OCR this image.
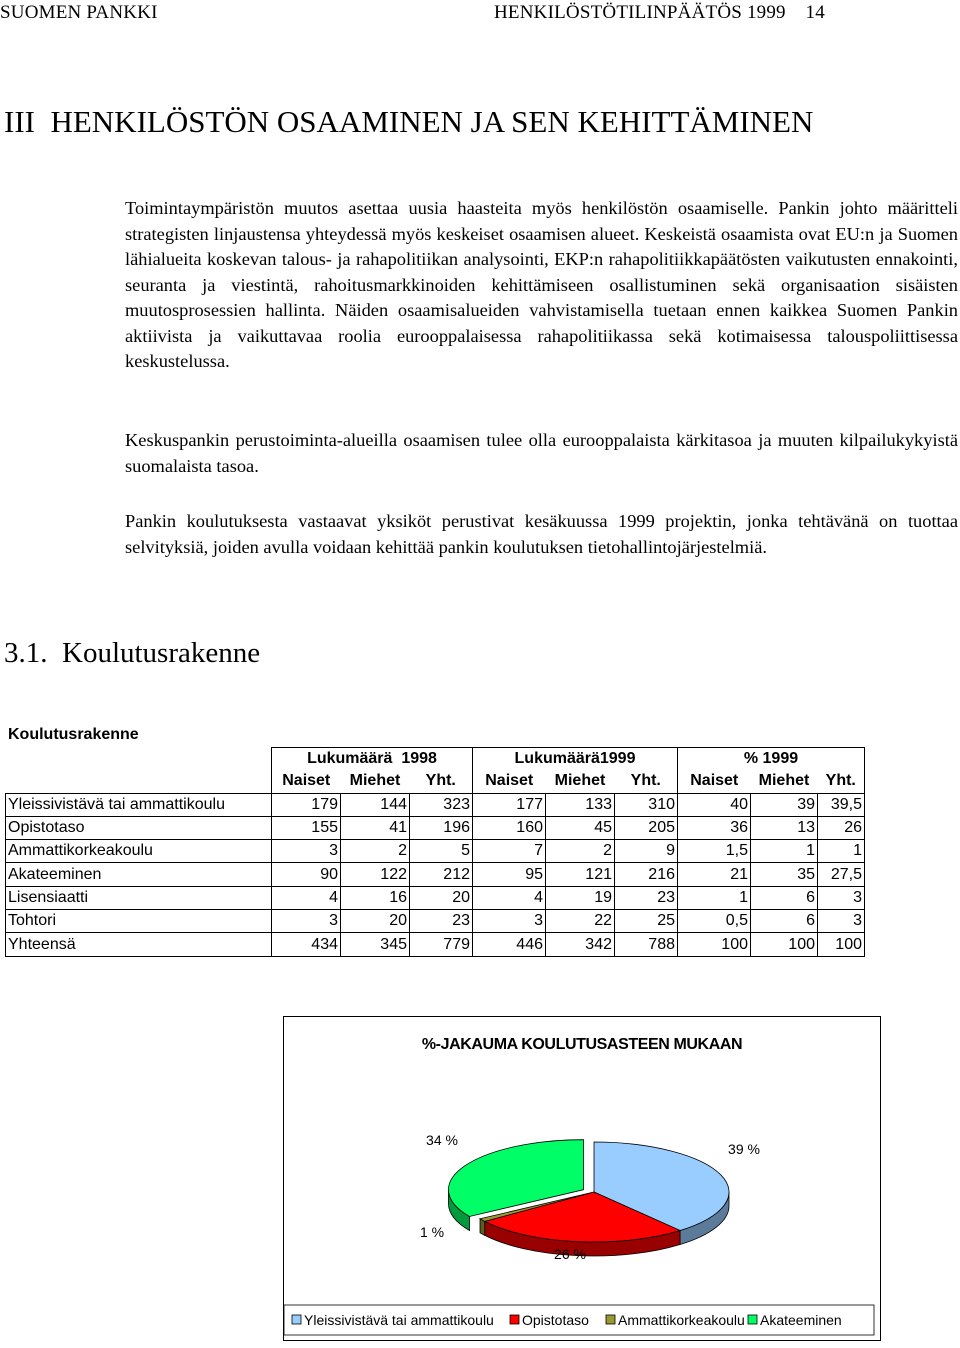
SUOMEN PANKKI	HENKILÖSTÖTILINPÄÄTÖS 1999    14
III  HENKILÖSTÖN OSAAMINEN JA SEN KEHITTÄMINEN

Toimintaympäristön muutos asettaa uusia haasteita myös henkilöstön osaamiselle. Pankin johto määritteli strategisten linjaustensa yhteydessä myös keskeiset osaamisen alueet. Keskeistä osaamista ovat EU:n ja Suomen lähialueita koskevan talous- ja rahapolitiikan analysointi, EKP:n rahapolitiikkapäätösten vaikutusten ennakointi, seuranta ja viestintä, rahoitusmarkkinoiden kehittämiseen osallistuminen sekä organisaation sisäisten muutosprosessien hallinta. Näiden osaamisalueiden vahvistamisella tuetaan ennen kaikkea Suomen Pankin aktiivista ja vaikuttavaa roolia eurooppalaisessa rahapolitiikassa sekä kotimaisessa talouspoliittisessa keskustelussa.

Keskuspankin perustoiminta-alueilla osaamisen tulee olla eurooppalaista kärkitasoa ja muuten kilpailukykyistä suomalaista tasoa.

Pankin koulutuksesta vastaavat yksiköt perustivat kesäkuussa 1999 projektin, jonka tehtävänä on tuottaa selvityksiä, joiden avulla voidaan kehittää pankin koulutuksen tietohallintojärjestelmiä.

3.1.  Koulutusrakenne
Koulutusrakenne
	Lukumäärä  1998			Lukumäärä1999			% 1999		
	Naiset	Miehet	Yht.	Naiset	Miehet	Yht.	Naiset	Miehet	Yht.
Yleissivistävä tai ammattikoulu	179	144	323	177	133	310	40	39	39,5
Opistotaso	155	41	196	160	45	205	36	13	26
Ammattikorkeakoulu	3	2	5	7	2	9	1,5	1	1
Akateeminen	90	122	212	95	121	216	21	35	27,5
Lisensiaatti	4	16	20	4	19	23	1	6	3
Tohtori	3	20	23	3	22	25	0,5	6	3
Yhteensä	434	345	779	446	342	788	100	100	100
%-JAKAUMA KOULUTUSASTEEN MUKAAN
39 %
26 %
1 %
34 %
Yleissivistävä tai ammattikoulu Opistotaso Ammattikorkeakoulu Akateeminen
